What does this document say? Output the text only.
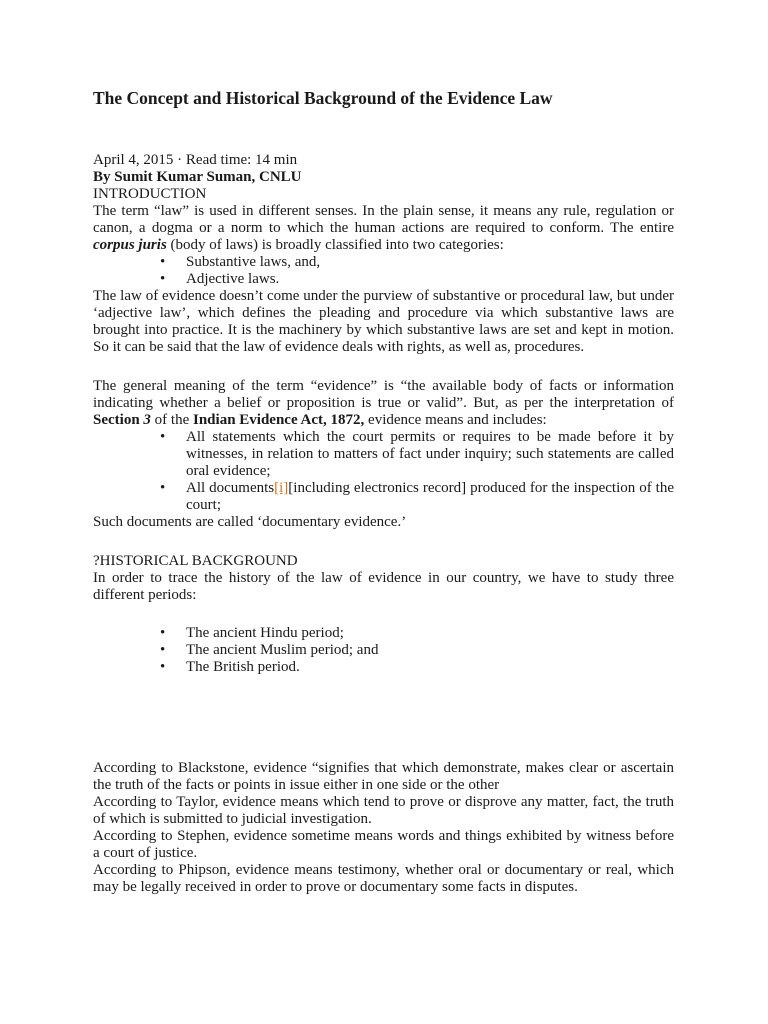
The Concept and Historical Background of the Evidence Law

April 4, 2015 · Read time: 14 min

By Sumit Kumar Suman, CNLU

INTRODUCTION

The term “law” is used in different senses. In the plain sense, it means any rule, regulation or canon, a dogma or a norm to which the human actions are required to conform. The entire corpus juris (body of laws) is broadly classified into two categories:

• Substantive laws, and,
• Adjective laws.

The law of evidence doesn’t come under the purview of substantive or procedural law, but under ‘adjective law’, which defines the pleading and procedure via which substantive laws are brought into practice. It is the machinery by which substantive laws are set and kept in motion. So it can be said that the law of evidence deals with rights, as well as, procedures.

The general meaning of the term “evidence” is “the available body of facts or information indicating whether a belief or proposition is true or valid”. But, as per the interpretation of Section 3 of the Indian Evidence Act, 1872, evidence means and includes:

• All statements which the court permits or requires to be made before it by witnesses, in relation to matters of fact under inquiry; such statements are called oral evidence;
• All documents[i][including electronics record] produced for the inspection of the court;

Such documents are called ‘documentary evidence.’

?HISTORICAL BACKGROUND

In order to trace the history of the law of evidence in our country, we have to study three different periods:

• The ancient Hindu period;
• The ancient Muslim period; and
• The British period.

According to Blackstone, evidence “signifies that which demonstrate, makes clear or ascertain the truth of the facts or points in issue either in one side or the other

According to Taylor, evidence means which tend to prove or disprove any matter, fact, the truth of which is submitted to judicial investigation.

According to Stephen, evidence sometime means words and things exhibited by witness before a court of justice.

According to Phipson, evidence means testimony, whether oral or documentary or real, which may be legally received in order to prove or documentary some facts in disputes.
